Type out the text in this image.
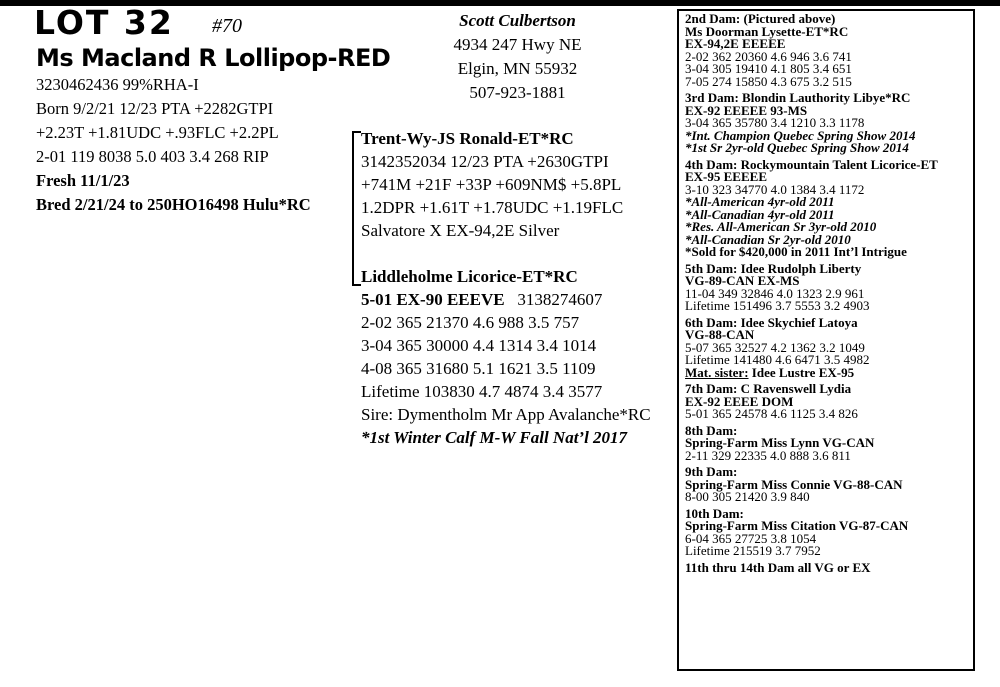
LOT 32 #70
Ms Macland R Lollipop-RED
3230462436 99%RHA-I
Born 9/2/21 12/23 PTA +2282GTPI
+2.23T +1.81UDC +.93FLC +2.2PL
2-01 119 8038 5.0 403 3.4 268 RIP
Fresh 11/1/23
Bred 2/21/24 to 250HO16498 Hulu*RC
Scott Culbertson
4934 247 Hwy NE
Elgin, MN 55932
507-923-1881
Trent-Wy-JS Ronald-ET*RC
3142352034 12/23 PTA +2630GTPI
+741M +21F +33P +609NM$ +5.8PL
1.2DPR +1.61T +1.78UDC +1.19FLC
Salvatore X EX-94,2E Silver
Liddleholme Licorice-ET*RC
5-01 EX-90 EEEVE 3138274607
2-02 365 21370 4.6 988 3.5 757
3-04 365 30000 4.4 1314 3.4 1014
4-08 365 31680 5.1 1621 3.5 1109
Lifetime 103830 4.7 4874 3.4 3577
Sire: Dymentholm Mr App Avalanche*RC
*1st Winter Calf M-W Fall Nat’l 2017
2nd Dam: (Pictured above)
Ms Doorman Lysette-ET*RC
EX-94,2E EEEEE
2-02 362 20360 4.6 946 3.6 741
3-04 305 19410 4.1 805 3.4 651
7-05 274 15850 4.3 675 3.2 515
3rd Dam: Blondin Lauthority Libye*RC
EX-92 EEEEE 93-MS
3-04 365 35780 3.4 1210 3.3 1178
*Int. Champion Quebec Spring Show 2014
*1st Sr 2yr-old Quebec Spring Show 2014
4th Dam: Rockymountain Talent Licorice-ET
EX-95 EEEEE
3-10 323 34770 4.0 1384 3.4 1172
*All-American 4yr-old 2011
*All-Canadian 4yr-old 2011
*Res. All-American Sr 3yr-old 2010
*All-Canadian Sr 2yr-old 2010
*Sold for $420,000 in 2011 Int’l Intrigue
5th Dam: Idee Rudolph Liberty
VG-89-CAN EX-MS
11-04 349 32846 4.0 1323 2.9 961
Lifetime 151496 3.7 5553 3.2 4903
6th Dam: Idee Skychief Latoya
VG-88-CAN
5-07 365 32527 4.2 1362 3.2 1049
Lifetime 141480 4.6 6471 3.5 4982
Mat. sister: Idee Lustre EX-95
7th Dam: C Ravenswell Lydia
EX-92 EEEE DOM
5-01 365 24578 4.6 1125 3.4 826
8th Dam:
Spring-Farm Miss Lynn VG-CAN
2-11 329 22335 4.0 888 3.6 811
9th Dam:
Spring-Farm Miss Connie VG-88-CAN
8-00 305 21420 3.9 840
10th Dam:
Spring-Farm Miss Citation VG-87-CAN
6-04 365 27725 3.8 1054
Lifetime 215519 3.7 7952
11th thru 14th Dam all VG or EX
